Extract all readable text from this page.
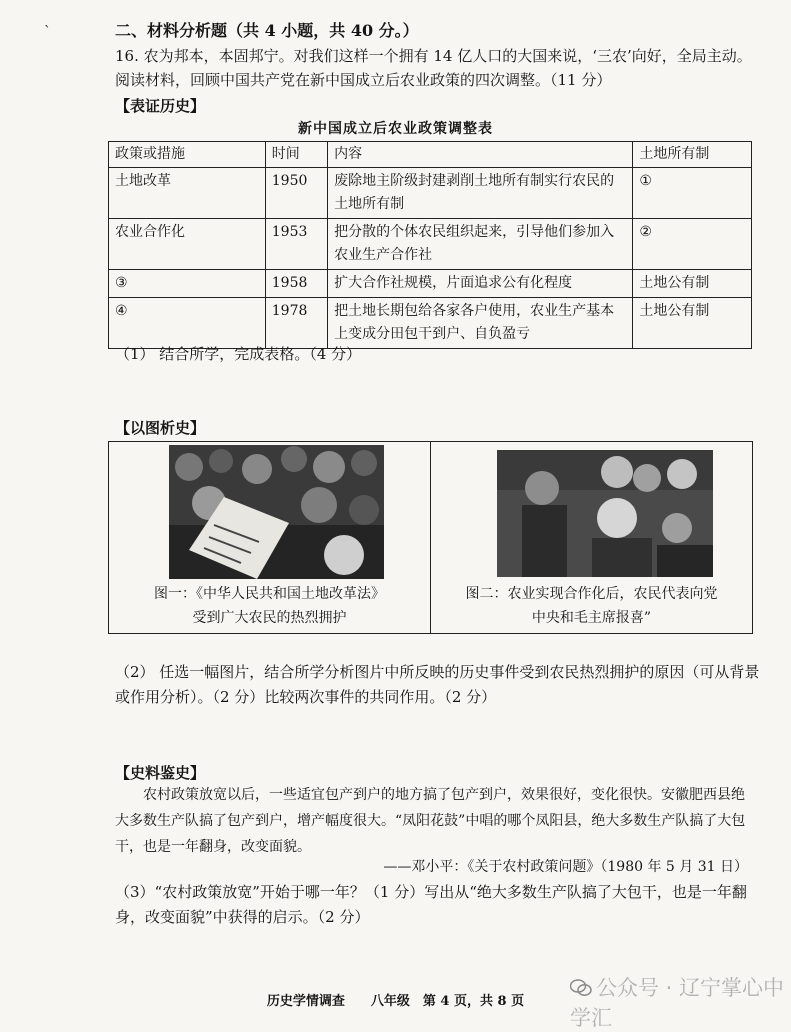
`	二、材料分析题（共 4 小题，共 40 分。）
16. 农为邦本，本固邦宁。对我们这样一个拥有 14 亿人口的大国来说，‘三农’向好，全局主动。阅读材料，回顾中国共产党在新中国成立后农业政策的四次调整。（11 分）
【表证历史】
新中国成立后农业政策调整表
政策或措施	时间	内容	土地所有制
土地改革	1950	废除地主阶级封建剥削土地所有制实行农民的土地所有制	①
农业合作化	1953	把分散的个体农民组织起来，引导他们参加入农业生产合作社	②
③	1958	扩大合作社规模，片面追求公有化程度	土地公有制
④	1978	把土地长期包给各家各户使用，农业生产基本上变成分田包干到户、自负盈亏	土地公有制
（1） 结合所学，完成表格。（4 分）
【以图析史】
图一：《中华人民共和国土地改革法》
受到广大农民的热烈拥护
图二：农业实现合作化后，农民代表向党
中央和毛主席报喜”
（2） 任选一幅图片，结合所学分析图片中所反映的历史事件受到农民热烈拥护的原因（可从背景或作用分析）。（2 分）比较两次事件的共同作用。（2 分）
【史料鉴史】

农村政策放宽以后，一些适宜包产到户的地方搞了包产到户，效果很好，变化很快。安徽肥西县绝大多数生产队搞了包产到户，增产幅度很大。“凤阳花鼓”中唱的哪个凤阳县，绝大多数生产队搞了大包干，也是一年翻身，改变面貌。

——邓小平：《关于农村政策问题》（1980 年 5 月 31 日）
（3）“农村政策放宽”开始于哪一年？（1 分）写出从“绝大多数生产队搞了大包干，也是一年翻身，改变面貌”中获得的启示。（2 分）
公众号 · 辽宁掌心中学汇
历史学情调查　　八年级　第 4 页，共 8 页
